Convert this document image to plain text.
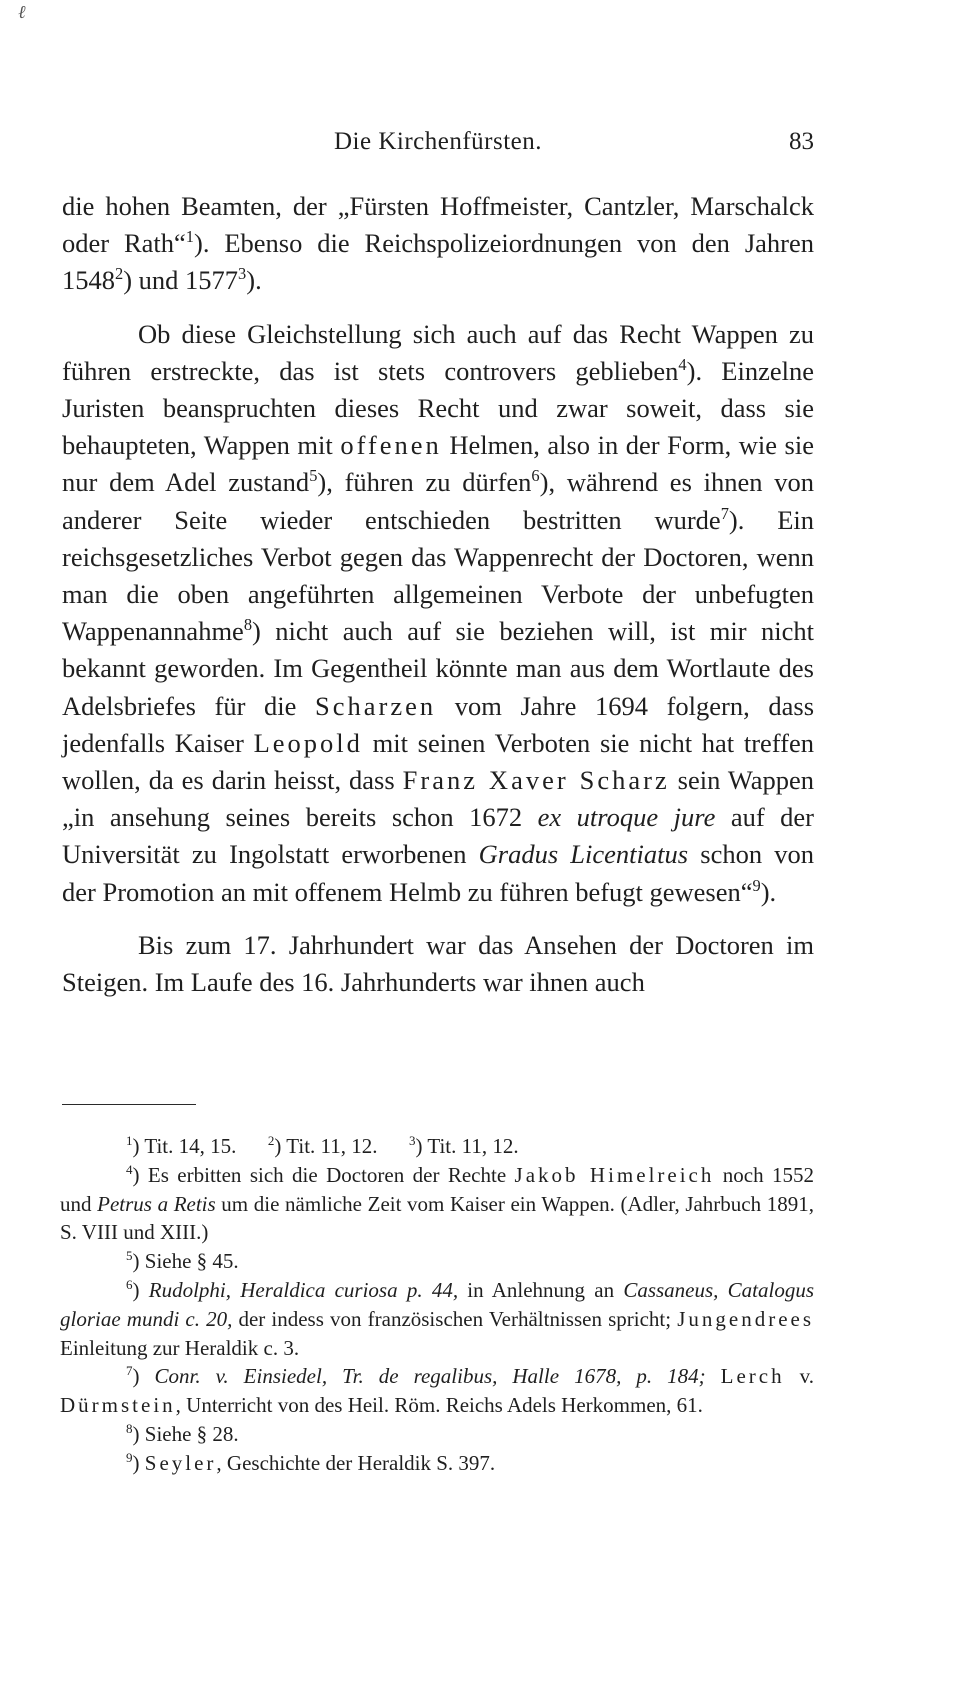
ℓ
Die Kirchenfürsten.	83

die hohen Beamten, der „Fürsten Hoffmeister, Cantzler, Marschalck oder Rath“$^1$). Ebenso die Reichspolizeiordnungen von den Jahren 1548$^2$) und 1577$^3$).

Ob diese Gleichstellung sich auch auf das Recht Wappen zu führen erstreckte, das ist stets controvers geblieben$^4$). Einzelne Juristen beanspruchten dieses Recht und zwar soweit, dass sie behaupteten, Wappen mit offenen Helmen, also in der Form, wie sie nur dem Adel zustand$^5$), führen zu dürfen$^6$), während es ihnen von anderer Seite wieder entschieden bestritten wurde$^7$). Ein reichsgesetzliches Verbot gegen das Wappenrecht der Doctoren, wenn man die oben angeführten allgemeinen Verbote der unbefugten Wappenannahme$^8$) nicht auch auf sie beziehen will, ist mir nicht bekannt geworden. Im Gegentheil könnte man aus dem Wortlaute des Adelsbriefes für die Scharzen vom Jahre 1694 folgern, dass jedenfalls Kaiser Leopold mit seinen Verboten sie nicht hat treffen wollen, da es darin heisst, dass Franz Xaver Scharz sein Wappen „in ansehung seines bereits schon 1672 ex utroque jure auf der Universität zu Ingolstatt erworbenen Gradus Licentiatus schon von der Promotion an mit offenem Helmb zu führen befugt gewesen“$^9$).

Bis zum 17. Jahrhundert war das Ansehen der Doctoren im Steigen. Im Laufe des 16. Jahrhunderts war ihnen auch

$^1$) Tit. 14, 15. $^2$) Tit. 11, 12. $^3$) Tit. 11, 12.

$^4$) Es erbitten sich die Doctoren der Rechte Jakob Himelreich noch 1552 und Petrus a Retis um die nämliche Zeit vom Kaiser ein Wappen. (Adler, Jahrbuch 1891, S. VIII und XIII.)

$^5$) Siehe § 45.

$^6$) Rudolphi, Heraldica curiosa p. 44, in Anlehnung an Cassaneus, Catalogus gloriae mundi c. 20, der indess von französischen Verhältnissen spricht; Jungendrees Einleitung zur Heraldik c. 3.

$^7$) Conr. v. Einsiedel, Tr. de regalibus, Halle 1678, p. 184; Lerch v. Dürmstein, Unterricht von des Heil. Röm. Reichs Adels Herkommen, 61.

$^8$) Siehe § 28.

$^9$) Seyler, Geschichte der Heraldik S. 397.
